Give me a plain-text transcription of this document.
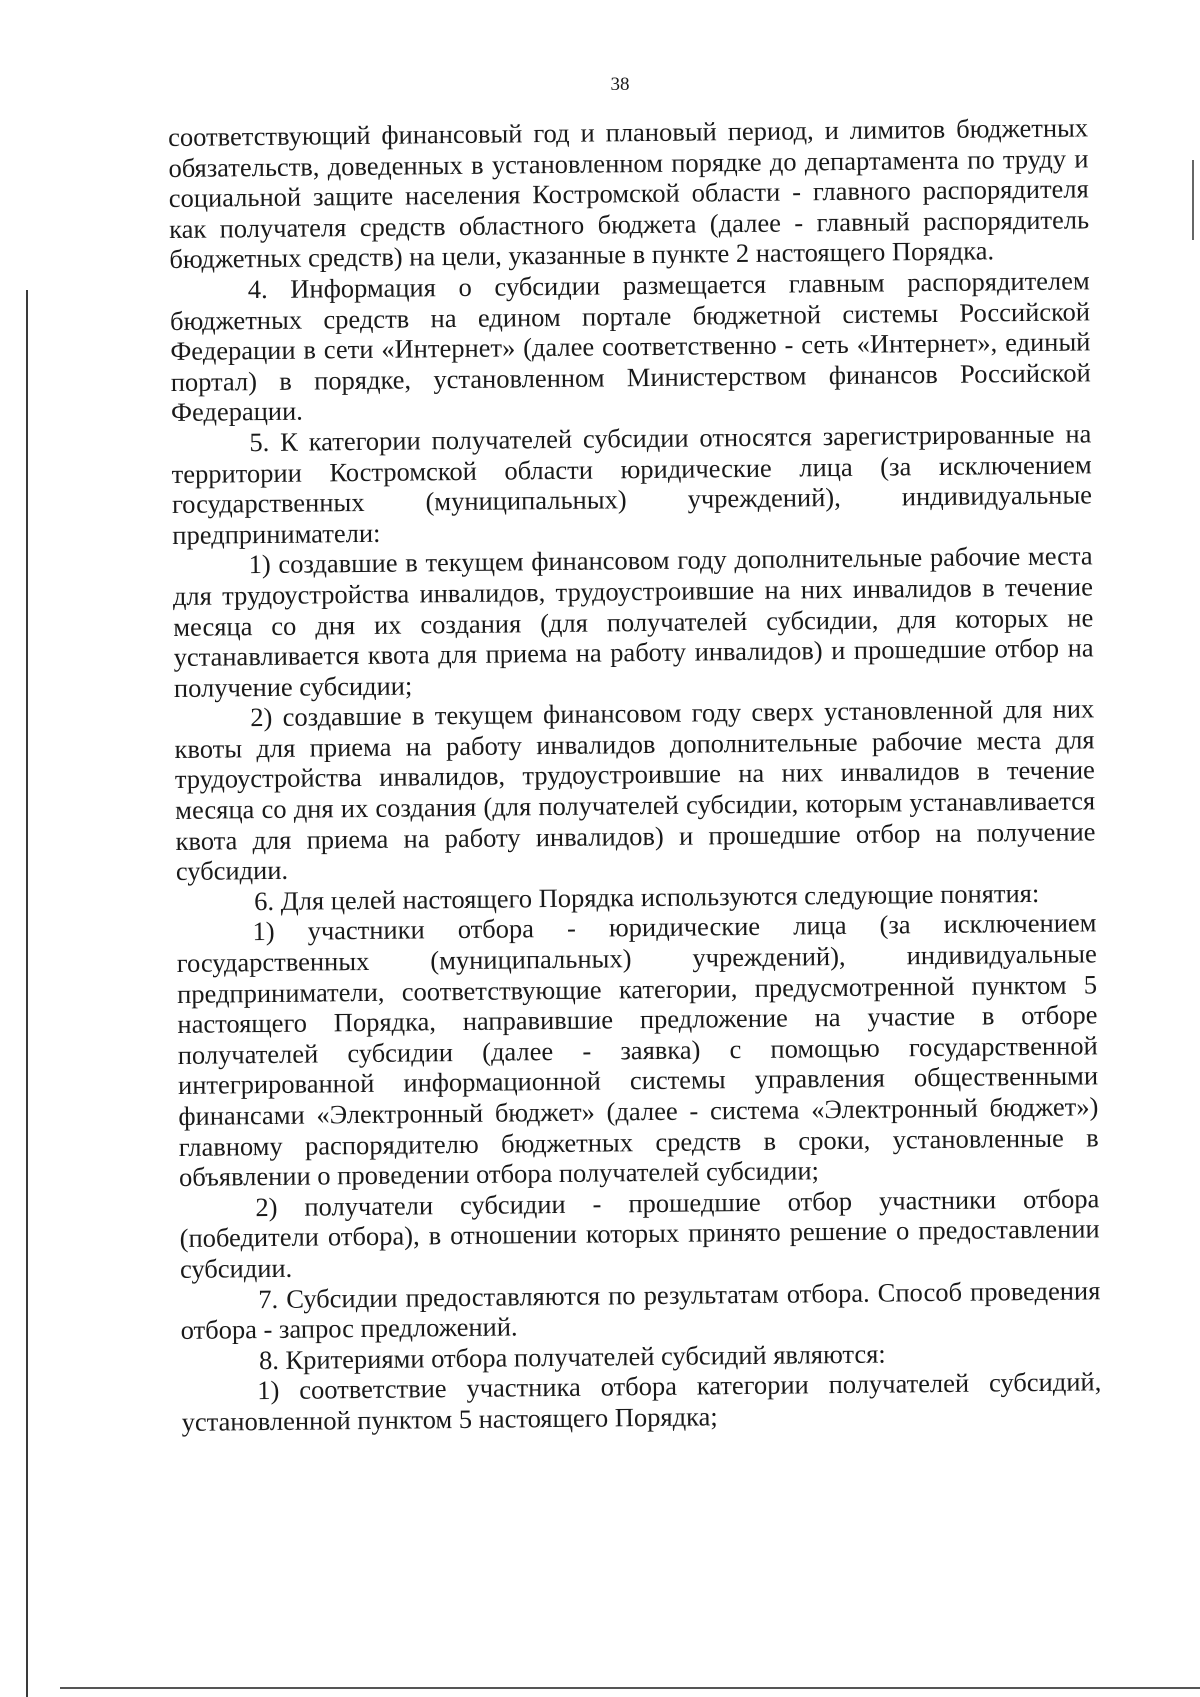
38

соответствующий финансовый год и плановый период, и лимитов бюджетных обязательств, доведенных в установленном порядке до департамента по труду и социальной защите населения Костромской области - главного распорядителя как получателя средств областного бюджета (далее - главный распорядитель бюджетных средств) на цели, указанные в пункте 2 настоящего Порядка.

4. Информация о субсидии размещается главным распорядителем бюджетных средств на едином портале бюджетной системы Российской Федерации в сети «Интернет» (далее соответственно - сеть «Интернет», единый портал) в порядке, установленном Министерством финансов Российской Федерации.

5. К категории получателей субсидии относятся зарегистрированные на территории Костромской области юридические лица (за исключением государственных (муниципальных) учреждений), индивидуальные предприниматели:

1) создавшие в текущем финансовом году дополнительные рабочие места для трудоустройства инвалидов, трудоустроившие на них инвалидов в течение месяца со дня их создания (для получателей субсидии, для которых не устанавливается квота для приема на работу инвалидов) и прошедшие отбор на получение субсидии;

2) создавшие в текущем финансовом году сверх установленной для них квоты для приема на работу инвалидов дополнительные рабочие места для трудоустройства инвалидов, трудоустроившие на них инвалидов в течение месяца со дня их создания (для получателей субсидии, которым устанавливается квота для приема на работу инвалидов) и прошедшие отбор на получение субсидии.

6. Для целей настоящего Порядка используются следующие понятия:

1) участники отбора - юридические лица (за исключением государственных (муниципальных) учреждений), индивидуальные предприниматели, соответствующие категории, предусмотренной пунктом 5 настоящего Порядка, направившие предложение на участие в отборе получателей субсидии (далее - заявка) с помощью государственной интегрированной информационной системы управления общественными финансами «Электронный бюджет» (далее - система «Электронный бюджет») главному распорядителю бюджетных средств в сроки, установленные в объявлении о проведении отбора получателей субсидии;

2) получатели субсидии - прошедшие отбор участники отбора (победители отбора), в отношении которых принято решение о предоставлении субсидии.

7. Субсидии предоставляются по результатам отбора. Способ проведения отбора - запрос предложений.

8. Критериями отбора получателей субсидий являются:

1) соответствие участника отбора категории получателей субсидий, установленной пунктом 5 настоящего Порядка;
